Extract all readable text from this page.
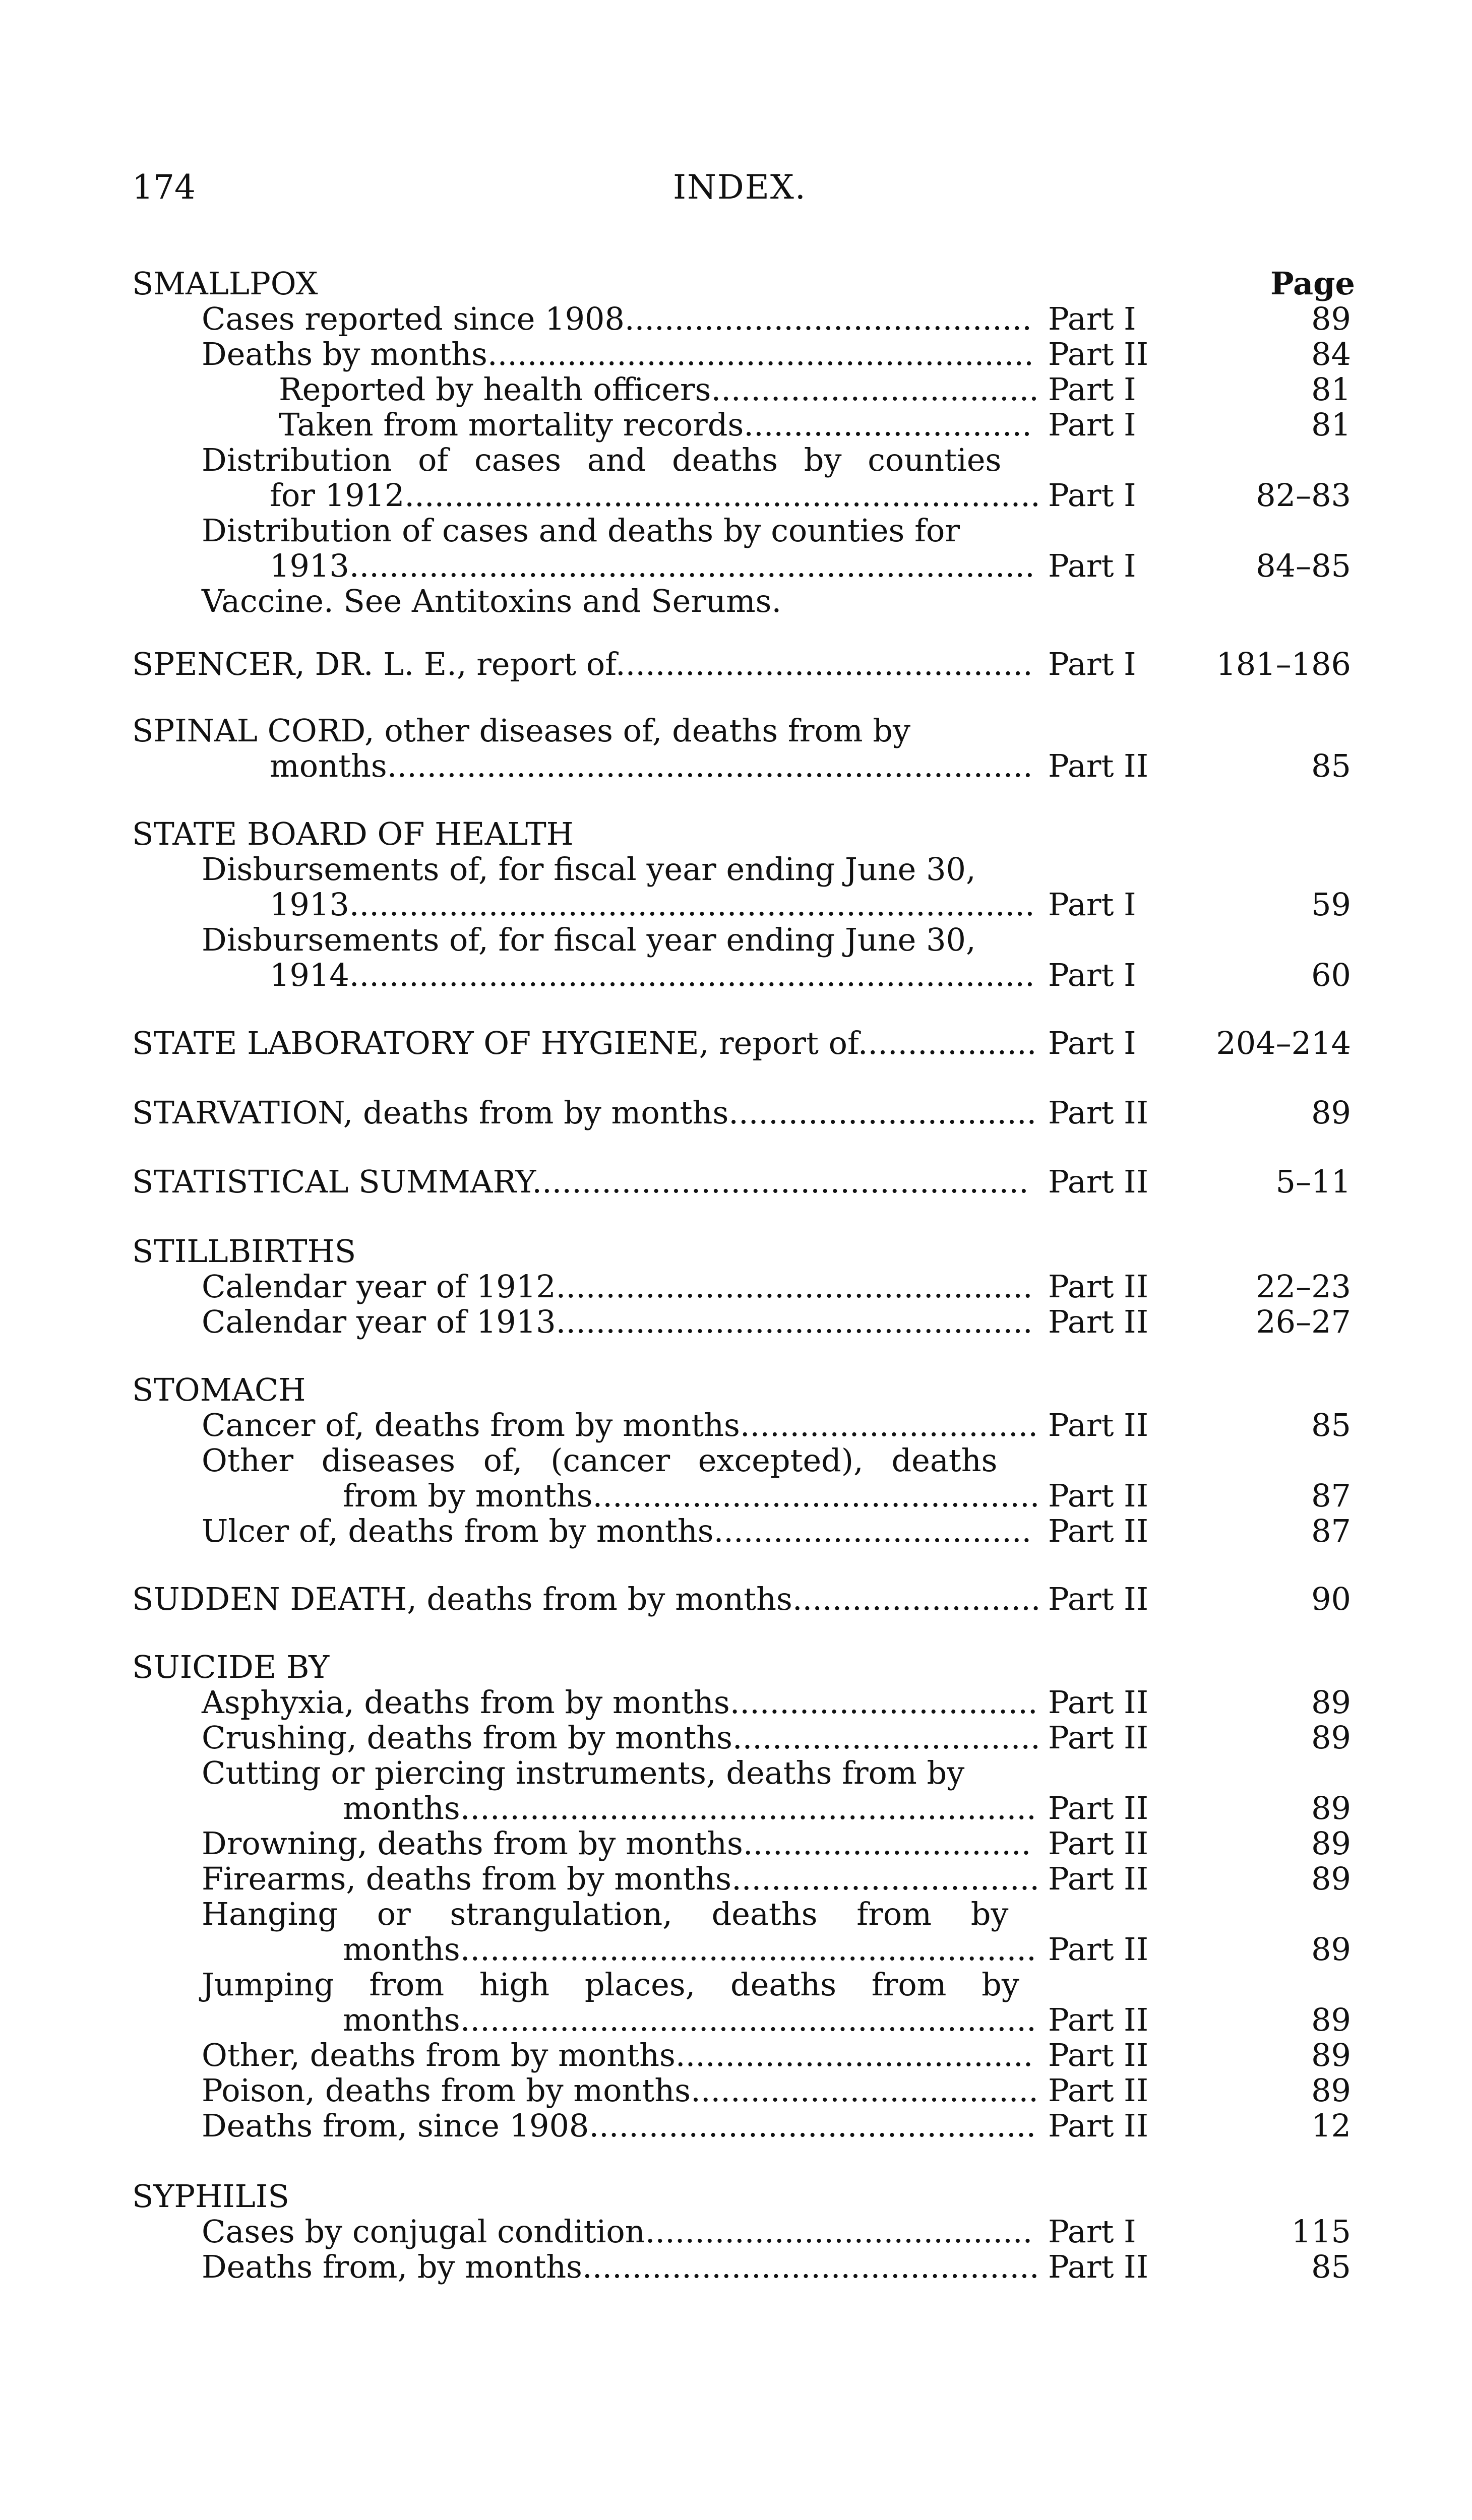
174	INDEX.
Page
SMALLPOX
Cases reported since 1908......................................... Part I	89
Deaths by months....................................................... Part II	84
Reported by health officers................................. Part I	81
Taken from mortality records............................. Part I	81
Distribution of cases and deaths by counties
for 1912................................................................ Part I	82–83
Distribution of cases and deaths by counties for
1913..................................................................... Part I	84–85
Vaccine. See Antitoxins and Serums.
SPENCER, DR. L. E., report of.......................................... Part I	181–186
SPINAL CORD, other diseases of, deaths from by
months................................................................. Part II	85
STATE BOARD OF HEALTH
Disbursements of, for fiscal year ending June 30,
1913..................................................................... Part I	59
Disbursements of, for fiscal year ending June 30,
1914..................................................................... Part I	60
STATE LABORATORY OF HYGIENE, report of.................. Part I	204–214
STARVATION, deaths from by months............................... Part II	89
STATISTICAL SUMMARY.................................................. Part II	5–11
STILLBIRTHS
Calendar year of 1912................................................ Part II	22–23
Calendar year of 1913................................................ Part II	26–27
STOMACH
Cancer of, deaths from by months.............................. Part II	85
Other diseases of, (cancer excepted), deaths
from by months............................................. Part II	87
Ulcer of, deaths from by months................................ Part II	87
SUDDEN DEATH, deaths from by months......................... Part II	90
SUICIDE BY
Asphyxia, deaths from by months............................... Part II	89
Crushing, deaths from by months............................... Part II	89
Cutting or piercing instruments, deaths from by
months.......................................................... Part II	89
Drowning, deaths from by months............................. Part II	89
Firearms, deaths from by months............................... Part II	89
Hanging or strangulation, deaths from by
months.......................................................... Part II	89
Jumping from high places, deaths from by
months.......................................................... Part II	89
Other, deaths from by months.................................... Part II	89
Poison, deaths from by months................................... Part II	89
Deaths from, since 1908............................................. Part II	12
SYPHILIS
Cases by conjugal condition....................................... Part I	115
Deaths from, by months.............................................. Part II	85
